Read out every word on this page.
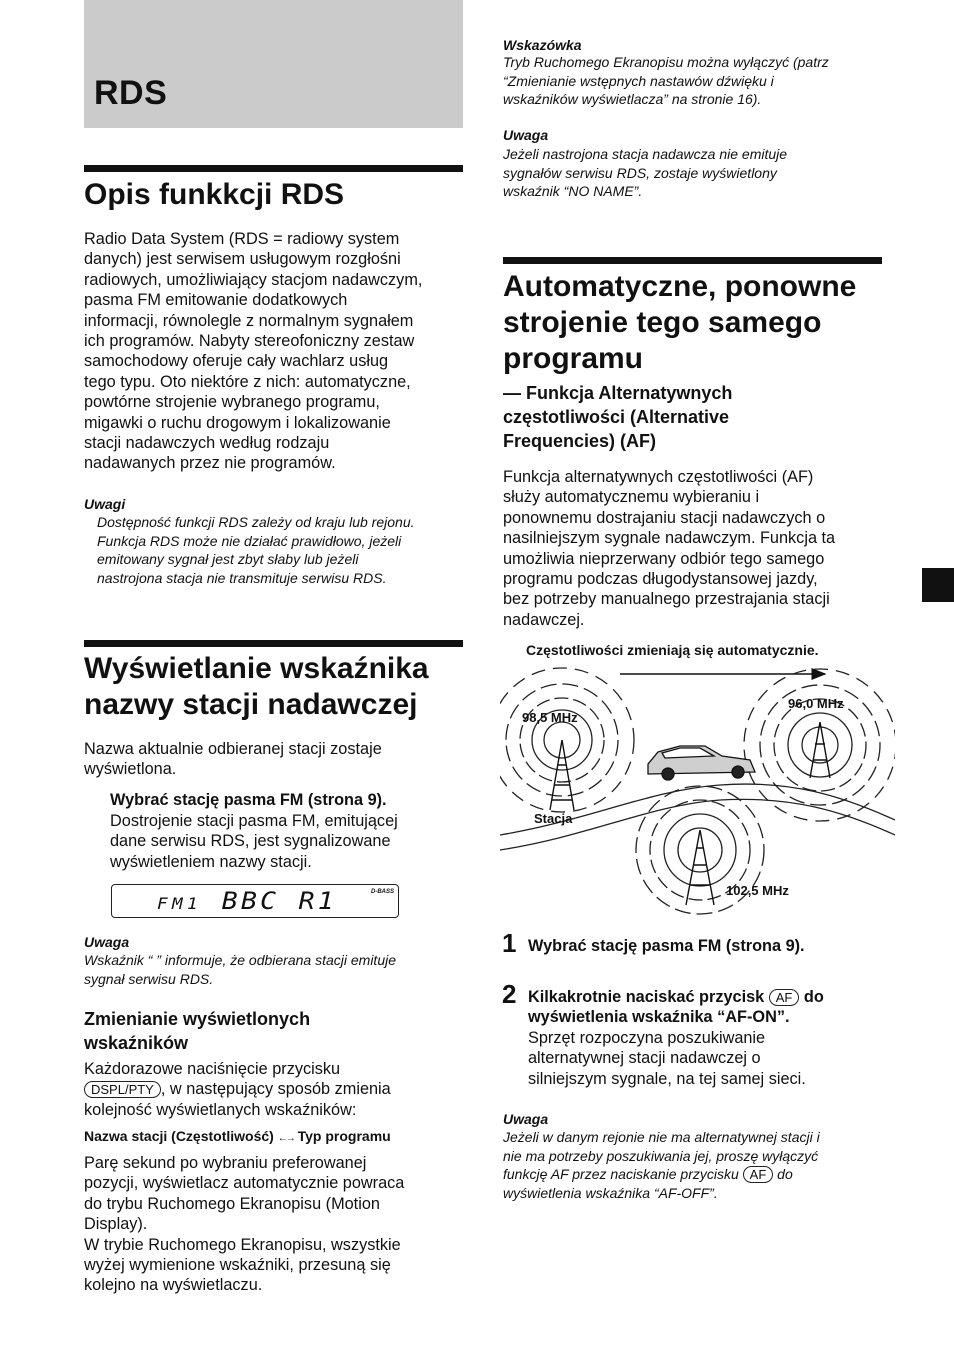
RDS
Opis funkkcji RDS
Radio Data System (RDS = radiowy system
danych) jest serwisem usługowym rozgłośni
radiowych, umożliwiający stacjom nadawczym,
pasma FM emitowanie dodatkowych
informacji, równolegle z normalnym sygnałem
ich programów. Nabyty stereofoniczny zestaw
samochodowy oferuje cały wachlarz usług
tego typu. Oto niektóre z nich: automatyczne,
powtórne strojenie wybranego programu,
migawki o ruchu drogowym i lokalizowanie
stacji nadawczych według rodzaju
nadawanych przez nie programów.
Uwagi
Dostępność funkcji RDS zależy od kraju lub rejonu.
Funkcja RDS może nie działać prawidłowo, jeżeli
emitowany sygnał jest zbyt słaby lub jeżeli
nastrojona stacja nie transmituje serwisu RDS.
Wyświetlanie wskaźnika
nazwy stacji nadawczej
Nazwa aktualnie odbieranej stacji zostaje
wyświetlona.
Wybrać stację pasma FM (strona 9).
Dostrojenie stacji pasma FM, emitującej
dane serwisu RDS, jest sygnalizowane
wyświetleniem nazwy stacji.
FM1 BBC R1	D-BASS
Uwaga
Wskaźnik “ ” informuje, że odbierana stacji emituje
sygnał serwisu RDS.
Zmienianie wyświetlonych
wskaźników
Każdorazowe naciśnięcie przycisku
DSPL/PTY , w następujący sposób zmienia
kolejność wyświetlanych wskaźników:
Nazwa stacji (Częstotliwość) ←→ Typ programu
Parę sekund po wybraniu preferowanej
pozycji, wyświetlacz automatycznie powraca
do trybu Ruchomego Ekranopisu (Motion
Display).
W trybie Ruchomego Ekranopisu, wszystkie
wyżej wymienione wskaźniki, przesuną się
kolejno na wyświetlaczu.
Wskazówka
Tryb Ruchomego Ekranopisu można wyłączyć (patrz
“Zmienianie wstępnych nastawów dźwięku i
wskaźników wyświetlacza” na stronie 16).
Uwaga
Jeżeli nastrojona stacja nadawcza nie emituje
sygnałów serwisu RDS, zostaje wyświetlony
wskaźnik “NO NAME”.
Automatyczne, ponowne
strojenie tego samego
programu
— Funkcja Alternatywnych
częstotliwości (Alternative
Frequencies) (AF)
Funkcja alternatywnych częstotliwości (AF)
służy automatycznemu wybieraniu i
ponownemu dostrajaniu stacji nadawczych o
nasilniejszym sygnale nadawczym. Funkcja ta
umożliwia nieprzerwany odbiór tego samego
programu podczas długodystansowej jazdy,
bez potrzeby manualnego przestrajania stacji
nadawczej.
Częstotliwości zmieniają się automatycznie.
98,5 MHz
96,0 MHz
102,5 MHz
Stacja
1 Wybrać stację pasma FM (strona 9).
2 Kilkakrotnie naciskać przycisk AF do
wyświetlenia wskaźnika “AF-ON”.
Sprzęt rozpoczyna poszukiwanie
alternatywnej stacji nadawczej o
silniejszym sygnale, na tej samej sieci.
Uwaga
Jeżeli w danym rejonie nie ma alternatywnej stacji i
nie ma potrzeby poszukiwania jej, proszę wyłączyć
funkcję AF przez naciskanie przycisku AF do
wyświetlenia wskaźnika “AF-OFF”.
